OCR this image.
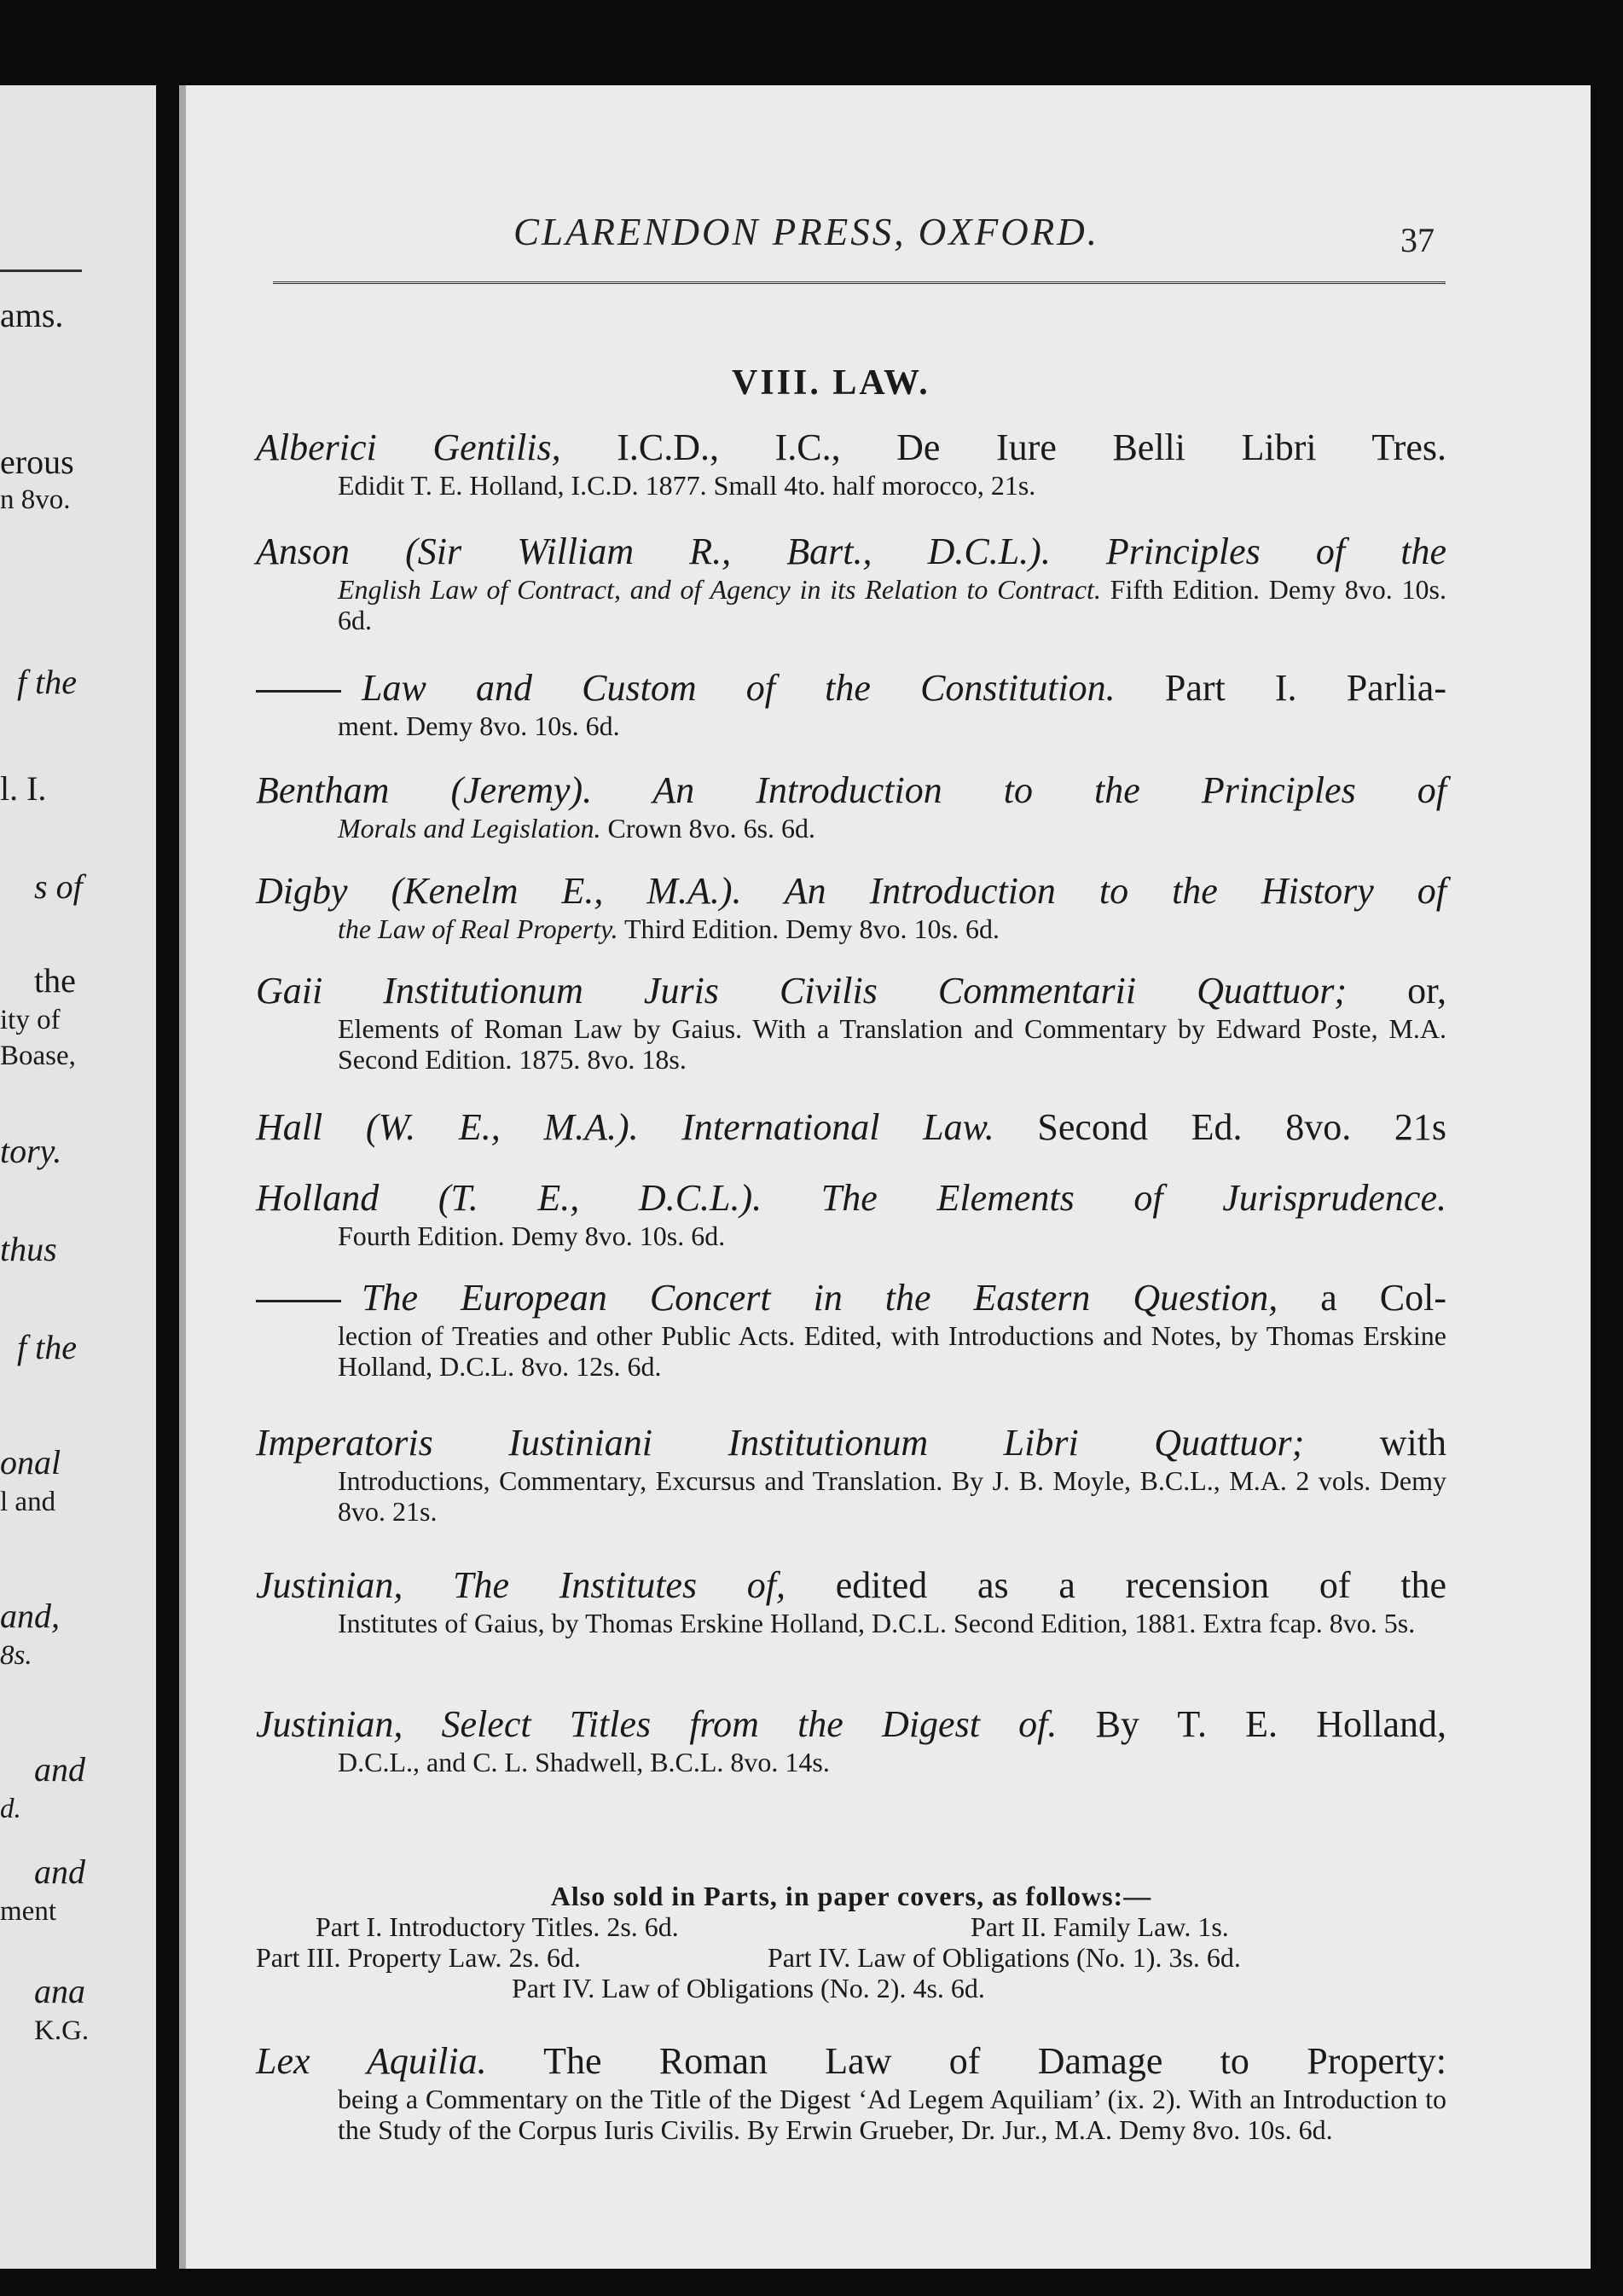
ams.
erous
n 8vo.
f the
l. I.
s of
the
ity of
Boase,
tory.
thus
f the
onal
l and
and,
8s.
and
d.
and
ment
ana
K.G.
CLARENDON PRESS, OXFORD.	37
VIII. LAW.
Alberici Gentilis, I.C.D., I.C., De Iure Belli Libri Tres.
Edidit T. E. Holland, I.C.D. 1877. Small 4to. half morocco, 21s.
Anson (Sir William R., Bart., D.C.L.). Principles of the
English Law of Contract, and of Agency in its Relation to Contract. Fifth Edition. Demy 8vo. 10s. 6d.
Law and Custom of the Constitution. Part I. Parlia-
ment. Demy 8vo. 10s. 6d.
Bentham (Jeremy). An Introduction to the Principles of
Morals and Legislation. Crown 8vo. 6s. 6d.
Digby (Kenelm E., M.A.). An Introduction to the History of
the Law of Real Property. Third Edition. Demy 8vo. 10s. 6d.
Gaii Institutionum Juris Civilis Commentarii Quattuor; or,
Elements of Roman Law by Gaius. With a Translation and Commentary by Edward Poste, M.A. Second Edition. 1875. 8vo. 18s.
Hall (W. E., M.A.). International Law. Second Ed. 8vo. 21s
Holland (T. E., D.C.L.). The Elements of Jurisprudence.
Fourth Edition. Demy 8vo. 10s. 6d.
The European Concert in the Eastern Question, a Col-
lection of Treaties and other Public Acts. Edited, with Introductions and Notes, by Thomas Erskine Holland, D.C.L. 8vo. 12s. 6d.
Imperatoris Iustiniani Institutionum Libri Quattuor; with
Introductions, Commentary, Excursus and Translation. By J. B. Moyle, B.C.L., M.A. 2 vols. Demy 8vo. 21s.
Justinian, The Institutes of, edited as a recension of the
Institutes of Gaius, by Thomas Erskine Holland, D.C.L. Second Edition, 1881. Extra fcap. 8vo. 5s.
Justinian, Select Titles from the Digest of. By T. E. Holland,
D.C.L., and C. L. Shadwell, B.C.L. 8vo. 14s.
Also sold in Parts, in paper covers, as follows:—
Part I. Introductory Titles. 2s. 6d.	Part II. Family Law. 1s.
Part III. Property Law. 2s. 6d.	Part IV. Law of Obligations (No. 1). 3s. 6d.
Part IV. Law of Obligations (No. 2). 4s. 6d.
Lex Aquilia. The Roman Law of Damage to Property:
being a Commentary on the Title of the Digest ‘Ad Legem Aquiliam’ (ix. 2). With an Introduction to the Study of the Corpus Iuris Civilis. By Erwin Grueber, Dr. Jur., M.A. Demy 8vo. 10s. 6d.
